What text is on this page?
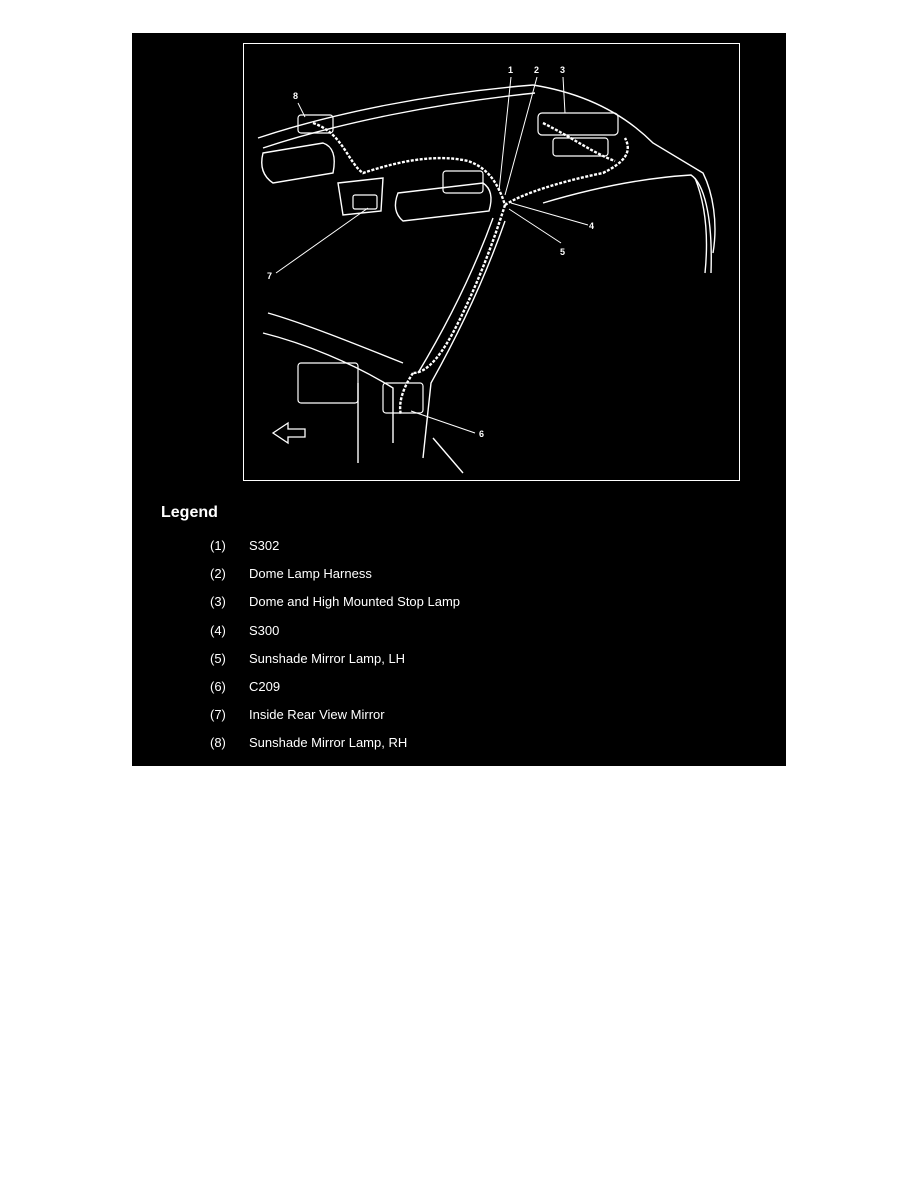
1 2 3
4
5
6
7
8
Legend
(1)	S302
(2)	Dome Lamp Harness
(3)	Dome and High Mounted Stop Lamp
(4)	S300
(5)	Sunshade Mirror Lamp, LH
(6)	C209
(7)	Inside Rear View Mirror
(8)	Sunshade Mirror Lamp, RH
